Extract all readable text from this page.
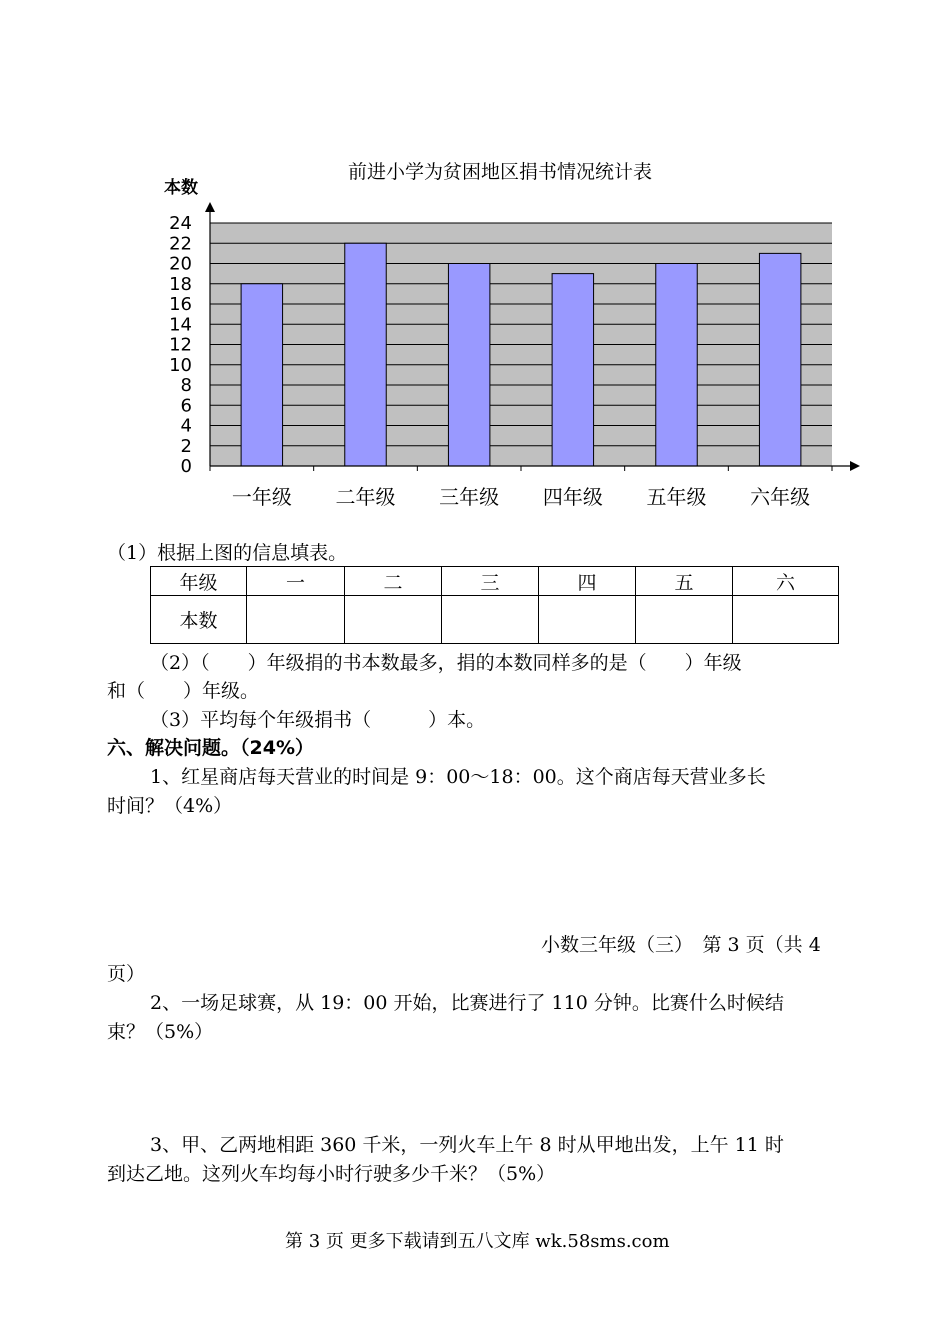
前进小学为贫困地区捐书情况统计表
本数
0
2
4
6
8
10
12
14
16
18
20
22
24
一年级 二年级 三年级 四年级 五年级 六年级
（1）根据上图的信息填表。
年级	一	二	三	四	五	六
本数						
（2）（　　）年级捐的书本数最多，捐的本数同样多的是（　　）年级
和（　　）年级。
（3）平均每个年级捐书（　　　）本。
六、解决问题。（24%）
1、红星商店每天营业的时间是 9：00～18：00。这个商店每天营业多长
时间？（4%）
小数三年级（三）　第 3 页（共 4
页）
2、一场足球赛，从 19：00 开始，比赛进行了 110 分钟。比赛什么时候结
束？（5%）
3、甲、乙两地相距 360 千米，一列火车上午 8 时从甲地出发，上午 11 时
到达乙地。这列火车均每小时行驶多少千米？（5%）
第 3 页 更多下载请到五八文库 wk.58sms.com
